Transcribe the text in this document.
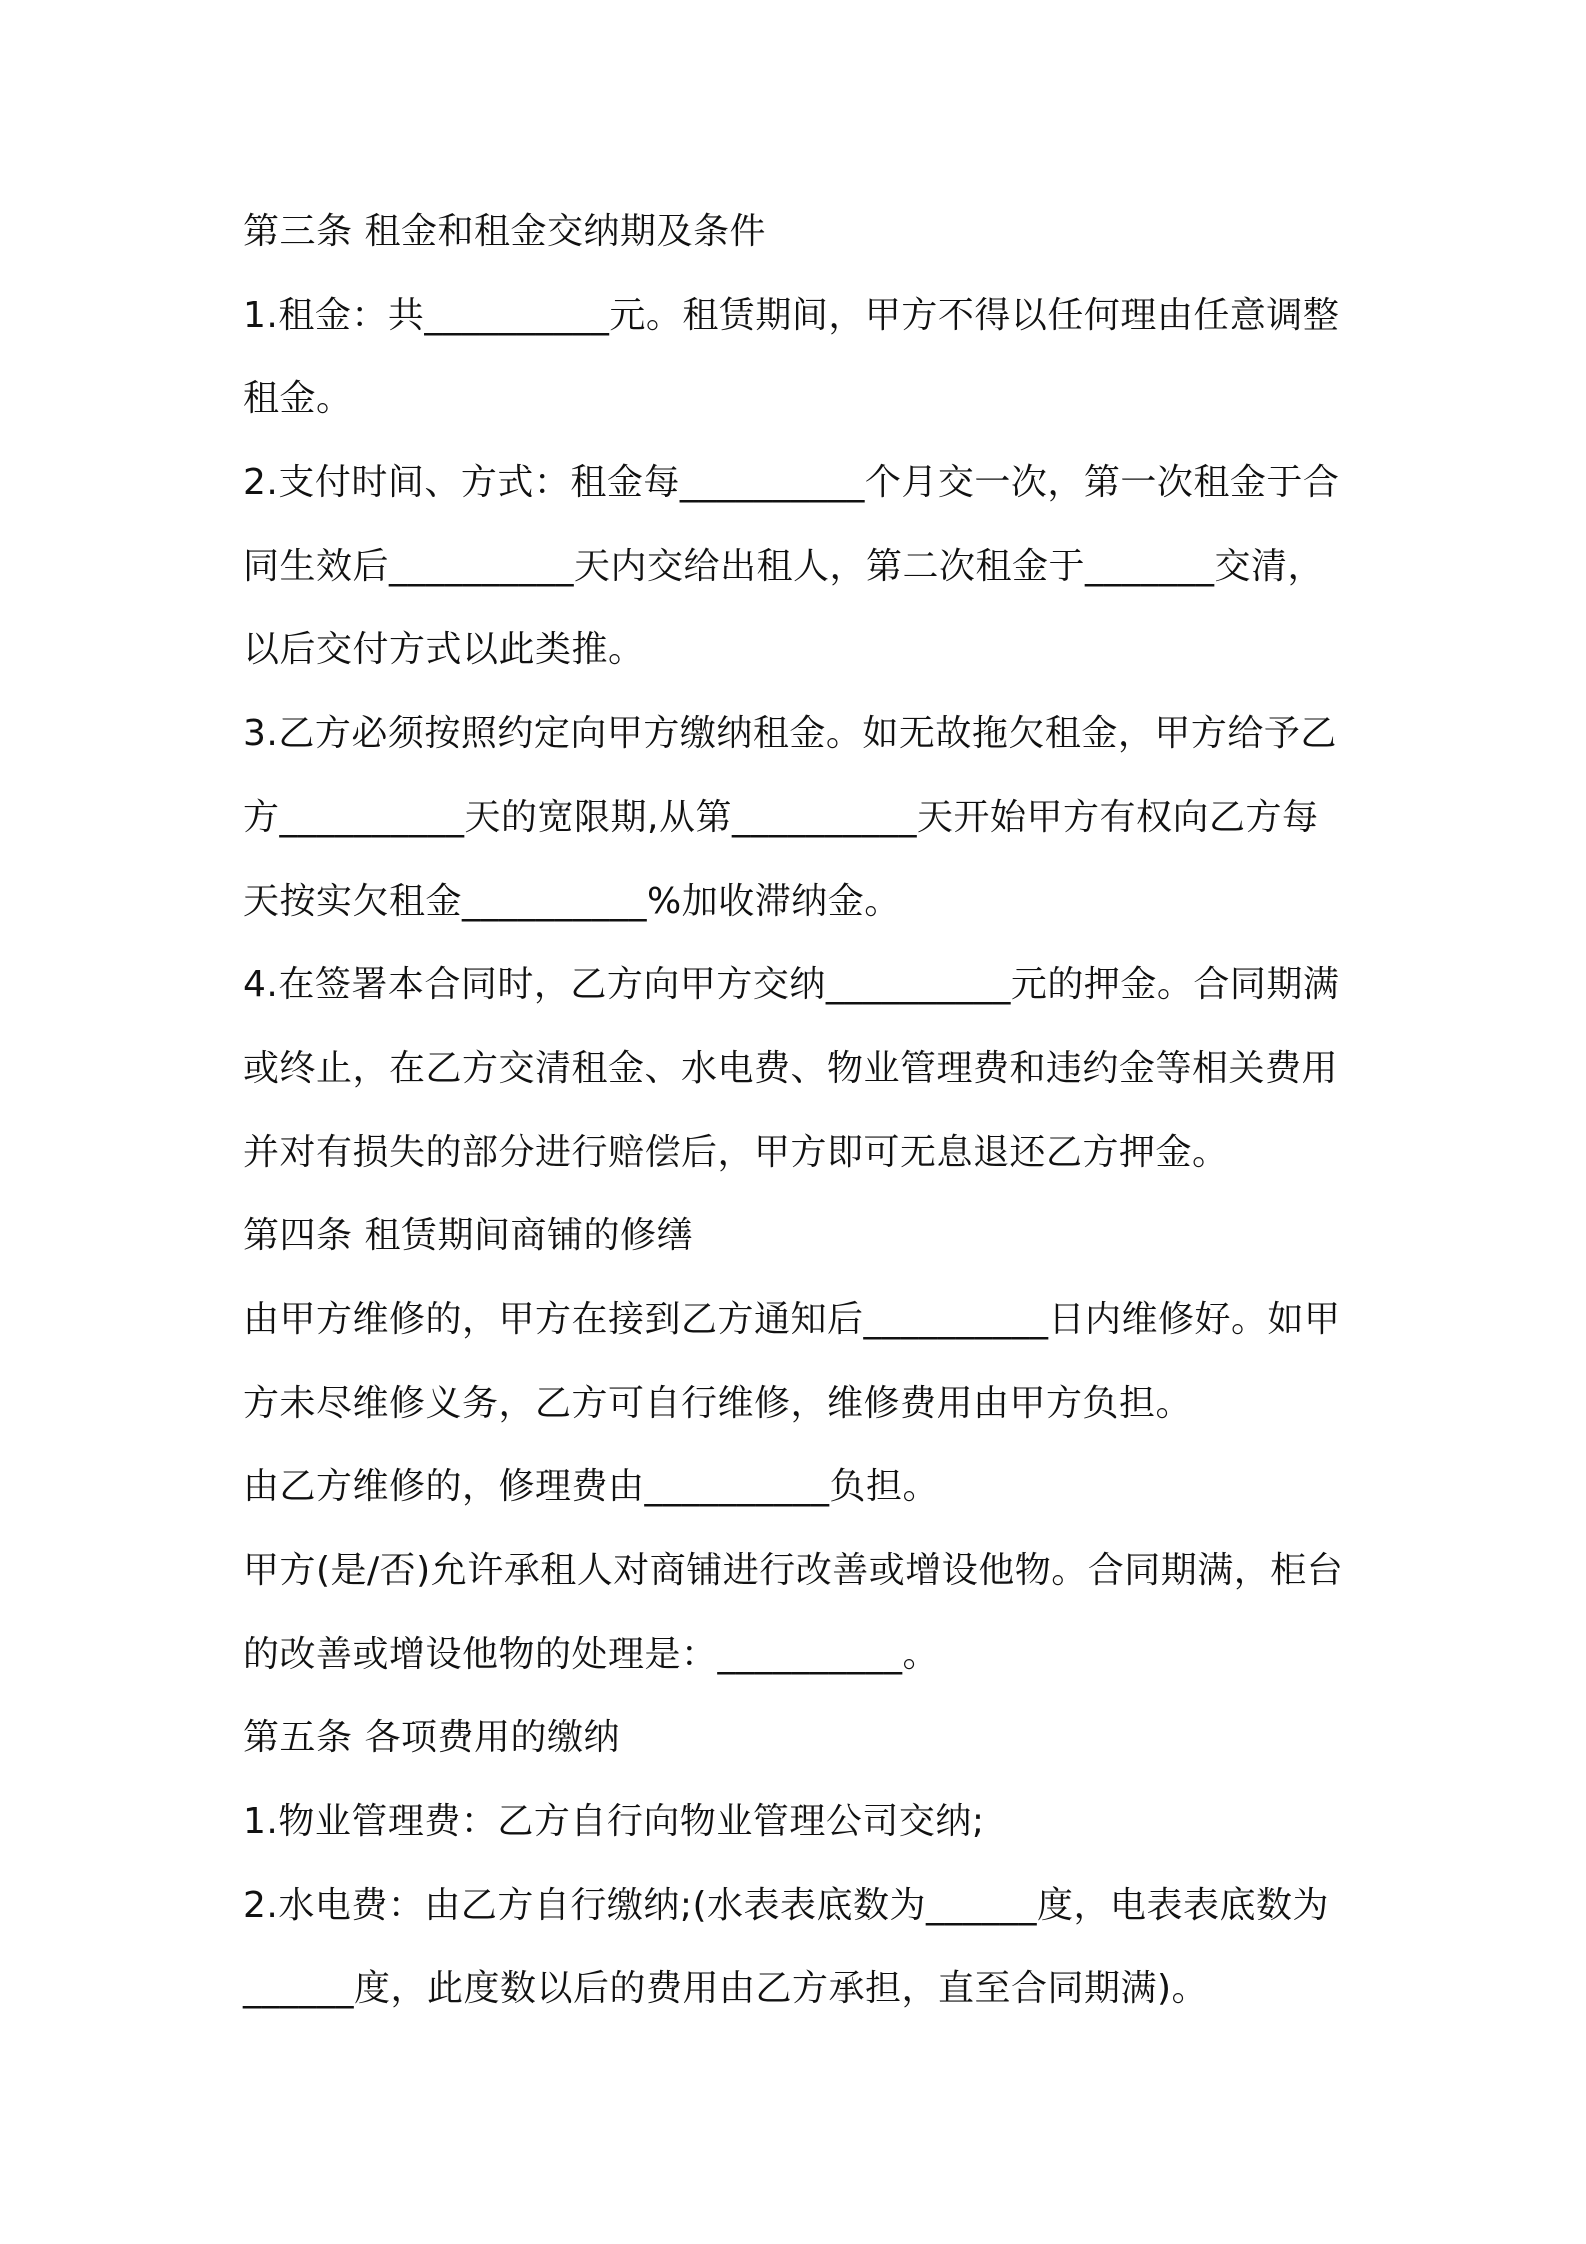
第三条 租金和租金交纳期及条件
1.租金：共__________元。租赁期间，甲方不得以任何理由任意调整
租金。
2.支付时间、方式：租金每__________个月交一次，第一次租金于合
同生效后__________天内交给出租人，第二次租金于_______交清，
以后交付方式以此类推。
3.乙方必须按照约定向甲方缴纳租金。如无故拖欠租金，甲方给予乙
方__________天的宽限期,从第__________天开始甲方有权向乙方每
天按实欠租金__________%加收滞纳金。
4.在签署本合同时，乙方向甲方交纳__________元的押金。合同期满
或终止，在乙方交清租金、水电费、物业管理费和违约金等相关费用
并对有损失的部分进行赔偿后，甲方即可无息退还乙方押金。
第四条 租赁期间商铺的修缮
由甲方维修的，甲方在接到乙方通知后__________日内维修好。如甲
方未尽维修义务，乙方可自行维修，维修费用由甲方负担。
由乙方维修的，修理费由__________负担。
甲方(是/否)允许承租人对商铺进行改善或增设他物。合同期满，柜台
的改善或增设他物的处理是：__________。
第五条 各项费用的缴纳
1.物业管理费：乙方自行向物业管理公司交纳;
2.水电费：由乙方自行缴纳;(水表表底数为______度，电表表底数为
______度，此度数以后的费用由乙方承担，直至合同期满)。
